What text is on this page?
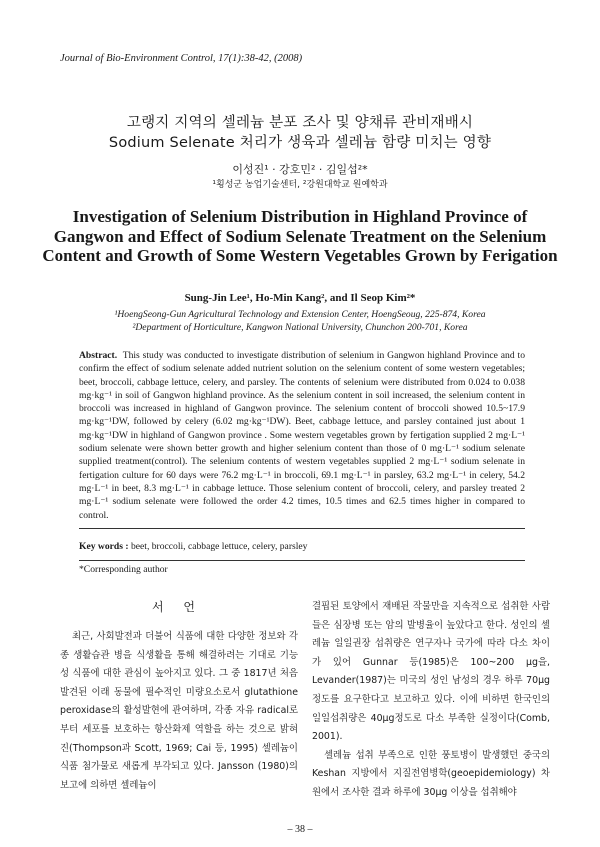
Journal of Bio-Environment Control, 17(1):38-42, (2008)
고랭지 지역의 셀레늄 분포 조사 및 양채류 관비재배시
Sodium Selenate 처리가 생육과 셀레늄 함량 미치는 영향
이성진¹ · 강호민² · 김일섭²*
¹횡성군 농업기술센터, ²강원대학교 원예학과
Investigation of Selenium Distribution in Highland Province of Gangwon and Effect of Sodium Selenate Treatment on the Selenium Content and Growth of Some Western Vegetables Grown by Ferigation
Sung-Jin Lee¹, Ho-Min Kang², and Il Seop Kim²*
¹HoengSeong-Gun Agricultural Technology and Extension Center, HoengSeoug, 225-874, Korea
²Department of Horticulture, Kangwon National University, Chunchon 200-701, Korea
Abstract. This study was conducted to investigate distribution of selenium in Gangwon highland Province and to confirm the effect of sodium selenate added nutrient solution on the selenium content of some western vegetables; beet, broccoli, cabbage lettuce, celery, and parsley. The contents of selenium were distributed from 0.024 to 0.038 mg·kg⁻¹ in soil of Gangwon highland province. As the selenium content in soil increased, the selenium content in broccoli was increased in highland of Gangwon province. The selenium content of broccoli showed 10.5~17.9 mg·kg⁻¹DW, followed by celery (6.02 mg·kg⁻¹DW). Beet, cabbage lettuce, and parsley contained just about 1 mg·kg⁻¹DW in highland of Gangwon province . Some western vegetables grown by fertigation supplied 2 mg·L⁻¹ sodium selenate were shown better growth and higher selenium content than those of 0 mg·L⁻¹ sodium selenate supplied treatment(control). The selenium contents of western vegetables supplied 2 mg·L⁻¹ sodium selenate in fertigation culture for 60 days were 76.2 mg·L⁻¹ in broccoli, 69.1 mg·L⁻¹ in parsley, 63.2 mg·L⁻¹ in celery, 54.2 mg·L⁻¹ in beet, 8.3 mg·L⁻¹ in cabbage lettuce. Those selenium content of broccoli, celery, and parsley treated 2 mg·L⁻¹ sodium selenate were followed the order 4.2 times, 10.5 times and 62.5 times higher in compared to control.
Key words : beet, broccoli, cabbage lettuce, celery, parsley
*Corresponding author
서 언

최근, 사회발전과 더불어 식품에 대한 다양한 정보와 각종 생활습관 병을 식생활을 통해 해결하려는 기대로 기능성 식품에 대한 관심이 높아지고 있다. 그 중 1817년 처음 발견된 이래 동물에 필수적인 미량요소로서 glutathione peroxidase의 활성발현에 관여하며, 각종 자유 radical로 부터 세포를 보호하는 항산화제 역할을 하는 것으로 밝혀진(Thompson과 Scott, 1969; Cai 등, 1995) 셀레늄이 식품 첨가물로 새롭게 부각되고 있다. Jansson (1980)의 보고에 의하면 셀레늄이

결핍된 토양에서 재배된 작물만을 지속적으로 섭취한 사람들은 심장병 또는 암의 발병율이 높았다고 한다. 성인의 셀레늄 일일권장 섭취량은 연구자나 국가에 따라 다소 차이가 있어 Gunnar 등(1985)은 100~200 μg을, Levander(1987)는 미국의 성인 남성의 경우 하루 70μg 정도를 요구한다고 보고하고 있다. 이에 비하면 한국인의 일일섭취량은 40μg정도로 다소 부족한 실정이다(Comb, 2001).

셀레늄 섭취 부족으로 인한 풍토병이 발생했던 중국의 Keshan 지방에서 지질전염병학(geoepidemiology) 차원에서 조사한 결과 하루에 30μg 이상을 섭취해야

– 38 –
